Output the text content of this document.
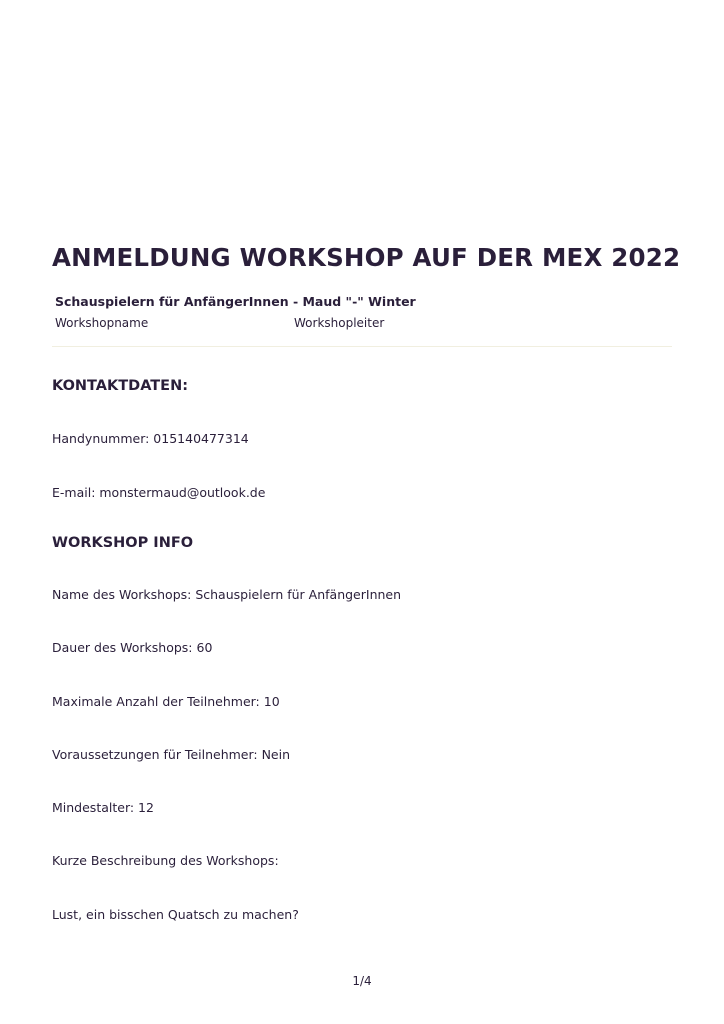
ANMELDUNG WORKSHOP AUF DER MEX 2022
Schauspielern für AnfängerInnen - Maud "-" Winter
Workshopname	Workshopleiter
KONTAKTDATEN:
Handynummer: 015140477314
E-mail: monstermaud@outlook.de
WORKSHOP INFO
Name des Workshops: Schauspielern für AnfängerInnen
Dauer des Workshops: 60
Maximale Anzahl der Teilnehmer: 10
Voraussetzungen für Teilnehmer: Nein
Mindestalter: 12
Kurze Beschreibung des Workshops:
Lust, ein bisschen Quatsch zu machen?
1/4
